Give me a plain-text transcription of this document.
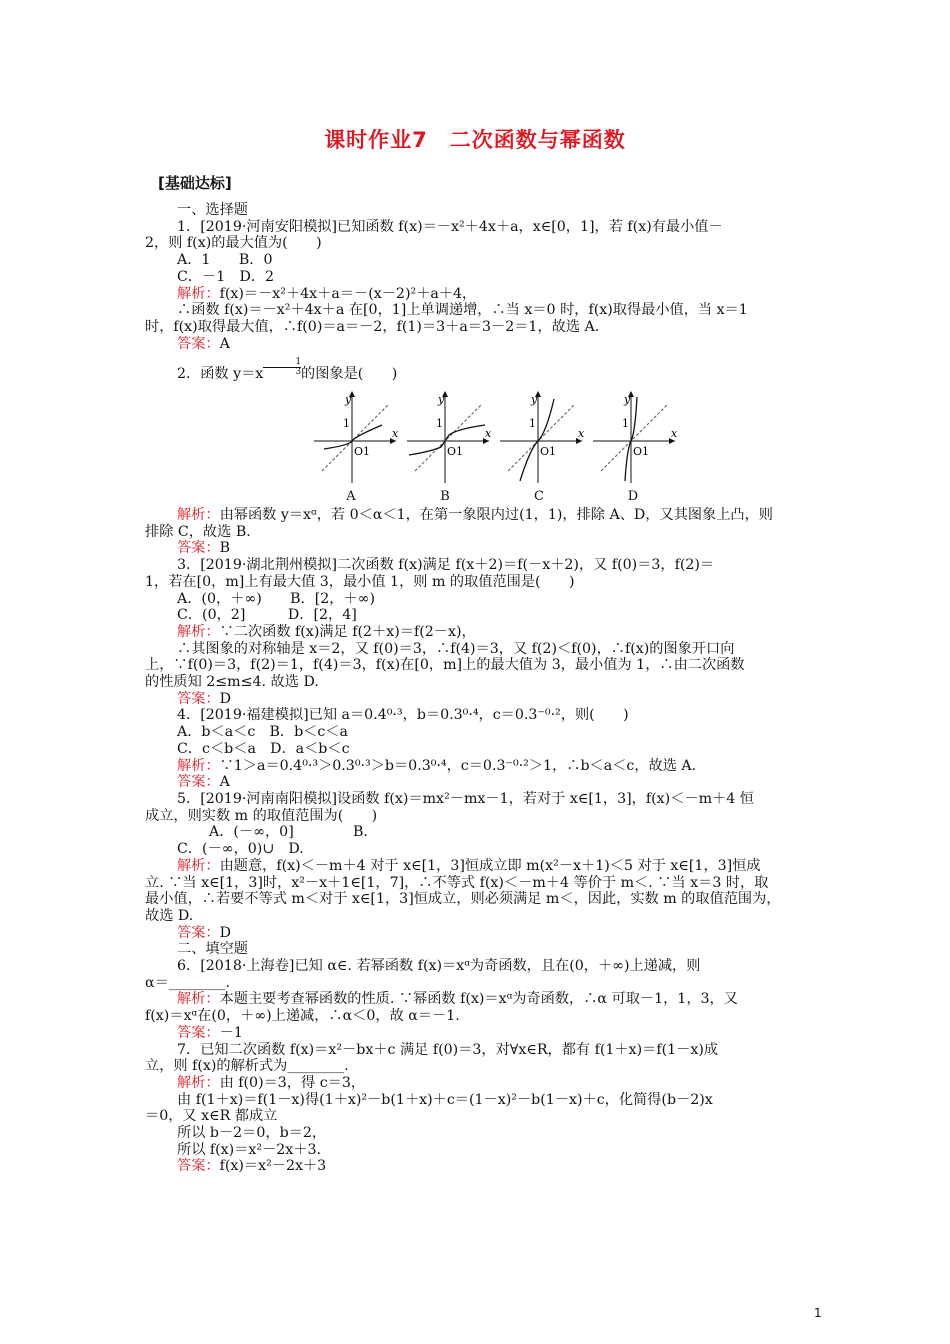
课时作业7　二次函数与幂函数
[基础达标]

一、选择题

1．[2019·河南安阳模拟]已知函数 f(x)＝－x²＋4x＋a，x∈[0，1]，若 f(x)有最小值－

2，则 f(x)的最大值为(　　)

A．1　　B．0

C．－1　D．2

解析：f(x)＝－x²＋4x＋a＝－(x－2)²＋a＋4，

∴函数 f(x)＝－x²＋4x＋a 在[0，1]上单调递增，∴当 x＝0 时，f(x)取得最小值，当 x＝1

时，f(x)取得最大值，∴f(0)＝a＝－2，f(1)＝3＋a＝3－2＝1，故选 A.

答案：A

2．函数 $y=x \frac{1}{3}$ 的图象是(　　)

y
x
1
O1
y
x
1
O1
y
x
1
O1
y
x
1
O1
A	B	C	D

解析：由幂函数 y＝xᵅ，若 0＜α＜1，在第一象限内过(1，1)，排除 A、D，又其图象上凸，则

排除 C，故选 B.

答案：B

3．[2019·湖北荆州模拟]二次函数 f(x)满足 f(x＋2)＝f(－x＋2)，又 f(0)＝3，f(2)＝

1，若在[0，m]上有最大值 3，最小值 1，则 m 的取值范围是(　　)

A．(0，＋∞)　　B．[2，＋∞)

C．(0，2]　　　D．[2，4]

解析：∵二次函数 f(x)满足 f(2＋x)＝f(2－x)，

∴其图象的对称轴是 x＝2，又 f(0)＝3，∴f(4)＝3，又 f(2)＜f(0)，∴f(x)的图象开口向

上，∵f(0)＝3，f(2)＝1，f(4)＝3，f(x)在[0，m]上的最大值为 3，最小值为 1，∴由二次函数

的性质知 2≤m≤4. 故选 D.

答案：D

4．[2019·福建模拟]已知 a＝0.4⁰·³，b＝0.3⁰·⁴，c＝0.3⁻⁰·²，则(　　)

A．b＜a＜c　B．b＜c＜a

C．c＜b＜a　D．a＜b＜c

解析：∵1＞a＝0.4⁰·³＞0.3⁰·³＞b＝0.3⁰·⁴，c＝0.3⁻⁰·²＞1，∴b＜a＜c，故选 A.

答案：A

5．[2019·河南南阳模拟]设函数 f(x)＝mx²－mx－1，若对于 x∈[1，3]，f(x)＜－m＋4 恒

成立，则实数 m 的取值范围为(　　)

A．(－∞，0]	B.

C．(－∞，0)∪　D.

解析：由题意，f(x)＜－m＋4 对于 x∈[1，3]恒成立即 m(x²－x＋1)＜5 对于 x∈[1，3]恒成

立. ∵当 x∈[1，3]时，x²－x＋1∈[1，7]，∴不等式 f(x)＜－m＋4 等价于 m＜. ∵当 x＝3 时，取

最小值，∴若要不等式 m＜对于 x∈[1，3]恒成立，则必须满足 m＜，因此，实数 m 的取值范围为，

故选 D.

答案：D

二、填空题

6．[2018·上海卷]已知 α∈. 若幂函数 f(x)＝xᵅ为奇函数，且在(0，＋∞)上递减，则

α＝________.

解析：本题主要考查幂函数的性质. ∵幂函数 f(x)＝xᵅ为奇函数，∴α 可取－1，1，3，又

f(x)＝xᵅ在(0，＋∞)上递减，∴α＜0，故 α＝－1.

答案：－1

7．已知二次函数 f(x)＝x²－bx＋c 满足 f(0)＝3，对∀x∈R，都有 f(1＋x)＝f(1－x)成

立，则 f(x)的解析式为________.

解析：由 f(0)＝3，得 c＝3，

由 f(1＋x)＝f(1－x)得(1＋x)²－b(1＋x)＋c＝(1－x)²－b(1－x)＋c，化简得(b－2)x

＝0，又 x∈R 都成立

所以 b－2＝0，b＝2，

所以 f(x)＝x²－2x＋3.

答案：f(x)＝x²－2x＋3

1
